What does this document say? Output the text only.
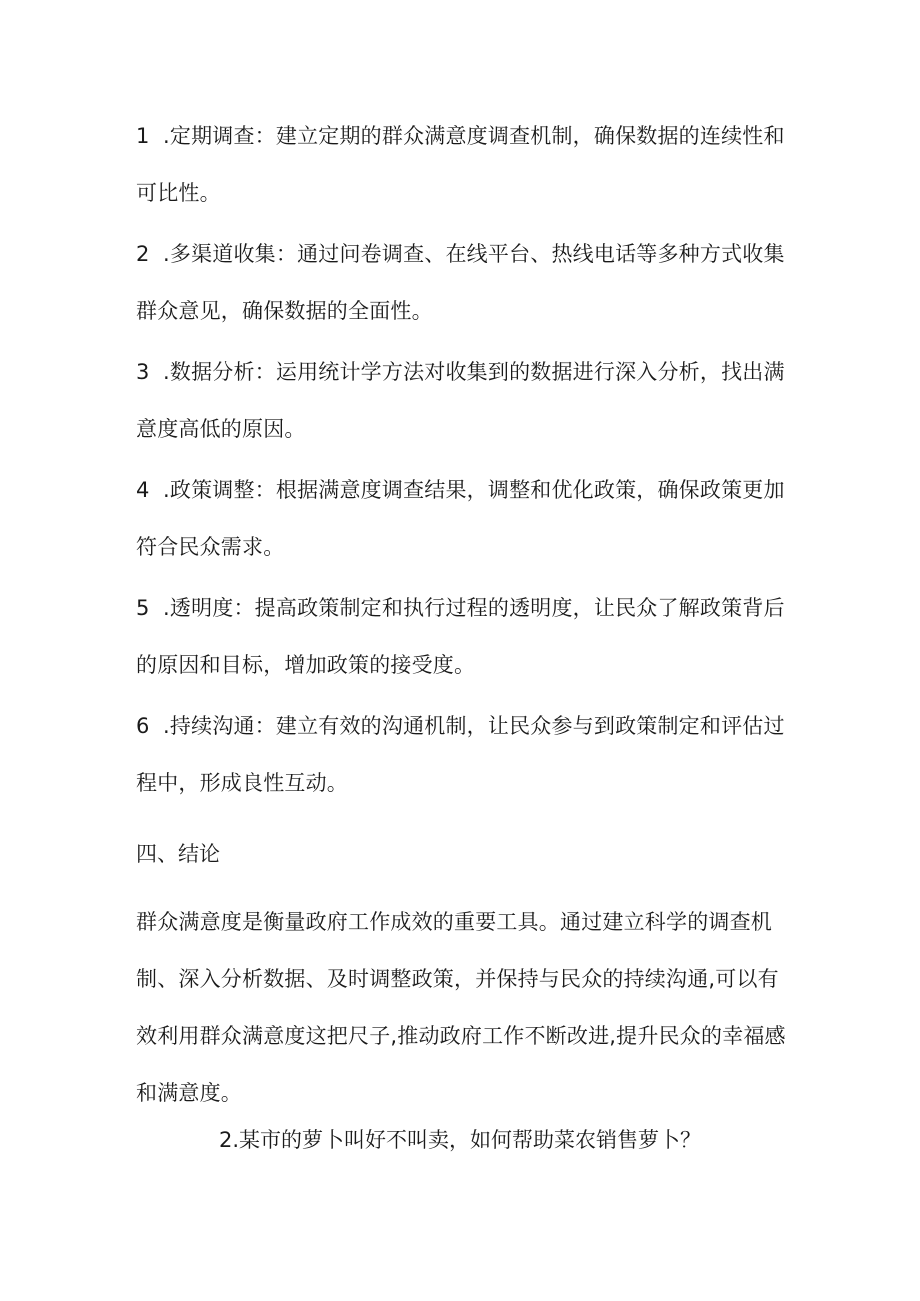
1 .定期调查：建立定期的群众满意度调查机制，确保数据的连续性和可比性。

2 .多渠道收集：通过问卷调查、在线平台、热线电话等多种方式收集群众意见，确保数据的全面性。

3 .数据分析：运用统计学方法对收集到的数据进行深入分析，找出满意度高低的原因。

4 .政策调整：根据满意度调查结果，调整和优化政策，确保政策更加符合民众需求。

5 .透明度：提高政策制定和执行过程的透明度，让民众了解政策背后的原因和目标，增加政策的接受度。

6 .持续沟通：建立有效的沟通机制，让民众参与到政策制定和评估过程中，形成良性互动。

四、结论

群众满意度是衡量政府工作成效的重要工具。通过建立科学的调查机制、深入分析数据、及时调整政策，并保持与民众的持续沟通,可以有效利用群众满意度这把尺子,推动政府工作不断改进,提升民众的幸福感和满意度。

2.某市的萝卜叫好不叫卖，如何帮助菜农销售萝卜？
